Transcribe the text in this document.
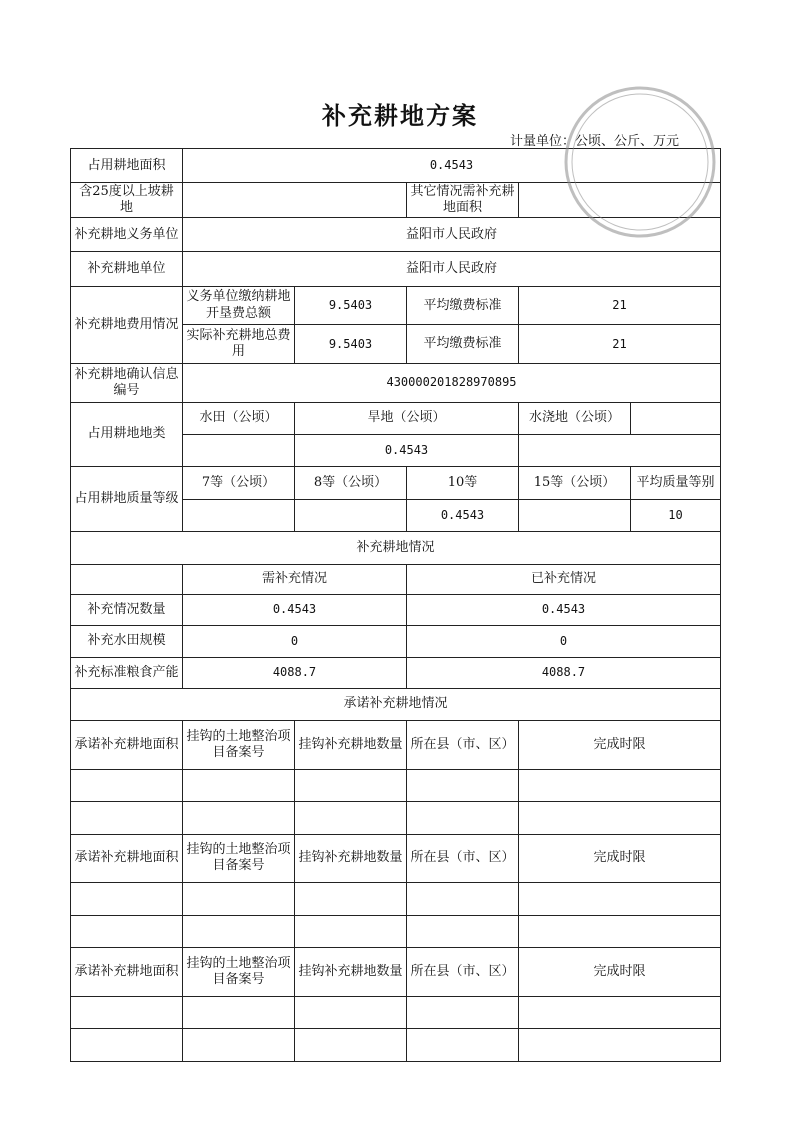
补充耕地方案
计量单位：公顷、公斤、万元
占用耕地面积	0.4543				
含25度以上坡耕地			其它情况需补充耕地面积		
补充耕地义务单位	益阳市人民政府				
补充耕地单位	益阳市人民政府				
补充耕地费用情况	义务单位缴纳耕地开垦费总额	9.5403	平均缴费标准	21	
	实际补充耕地总费用	9.5403	平均缴费标准	21	
补充耕地确认信息编号	430000201828970895				
占用耕地地类	水田（公顷）	旱地（公顷）		水浇地（公顷）	
		0.4543			
占用耕地质量等级	7等（公顷）	8等（公顷）	10等	15等（公顷）	平均质量等别
			0.4543		10
补充耕地情况					
	需补充情况		已补充情况		
补充情况数量	0.4543		0.4543		
补充水田规模	0		0		
补充标准粮食产能	4088.7		4088.7		
承诺补充耕地情况					
承诺补充耕地面积	挂钩的土地整治项目备案号	挂钩补充耕地数量	所在县（市、区）	完成时限	

承诺补充耕地面积	挂钩的土地整治项目备案号	挂钩补充耕地数量	所在县（市、区）	完成时限	

承诺补充耕地面积	挂钩的土地整治项目备案号	挂钩补充耕地数量	所在县（市、区）	完成时限	
